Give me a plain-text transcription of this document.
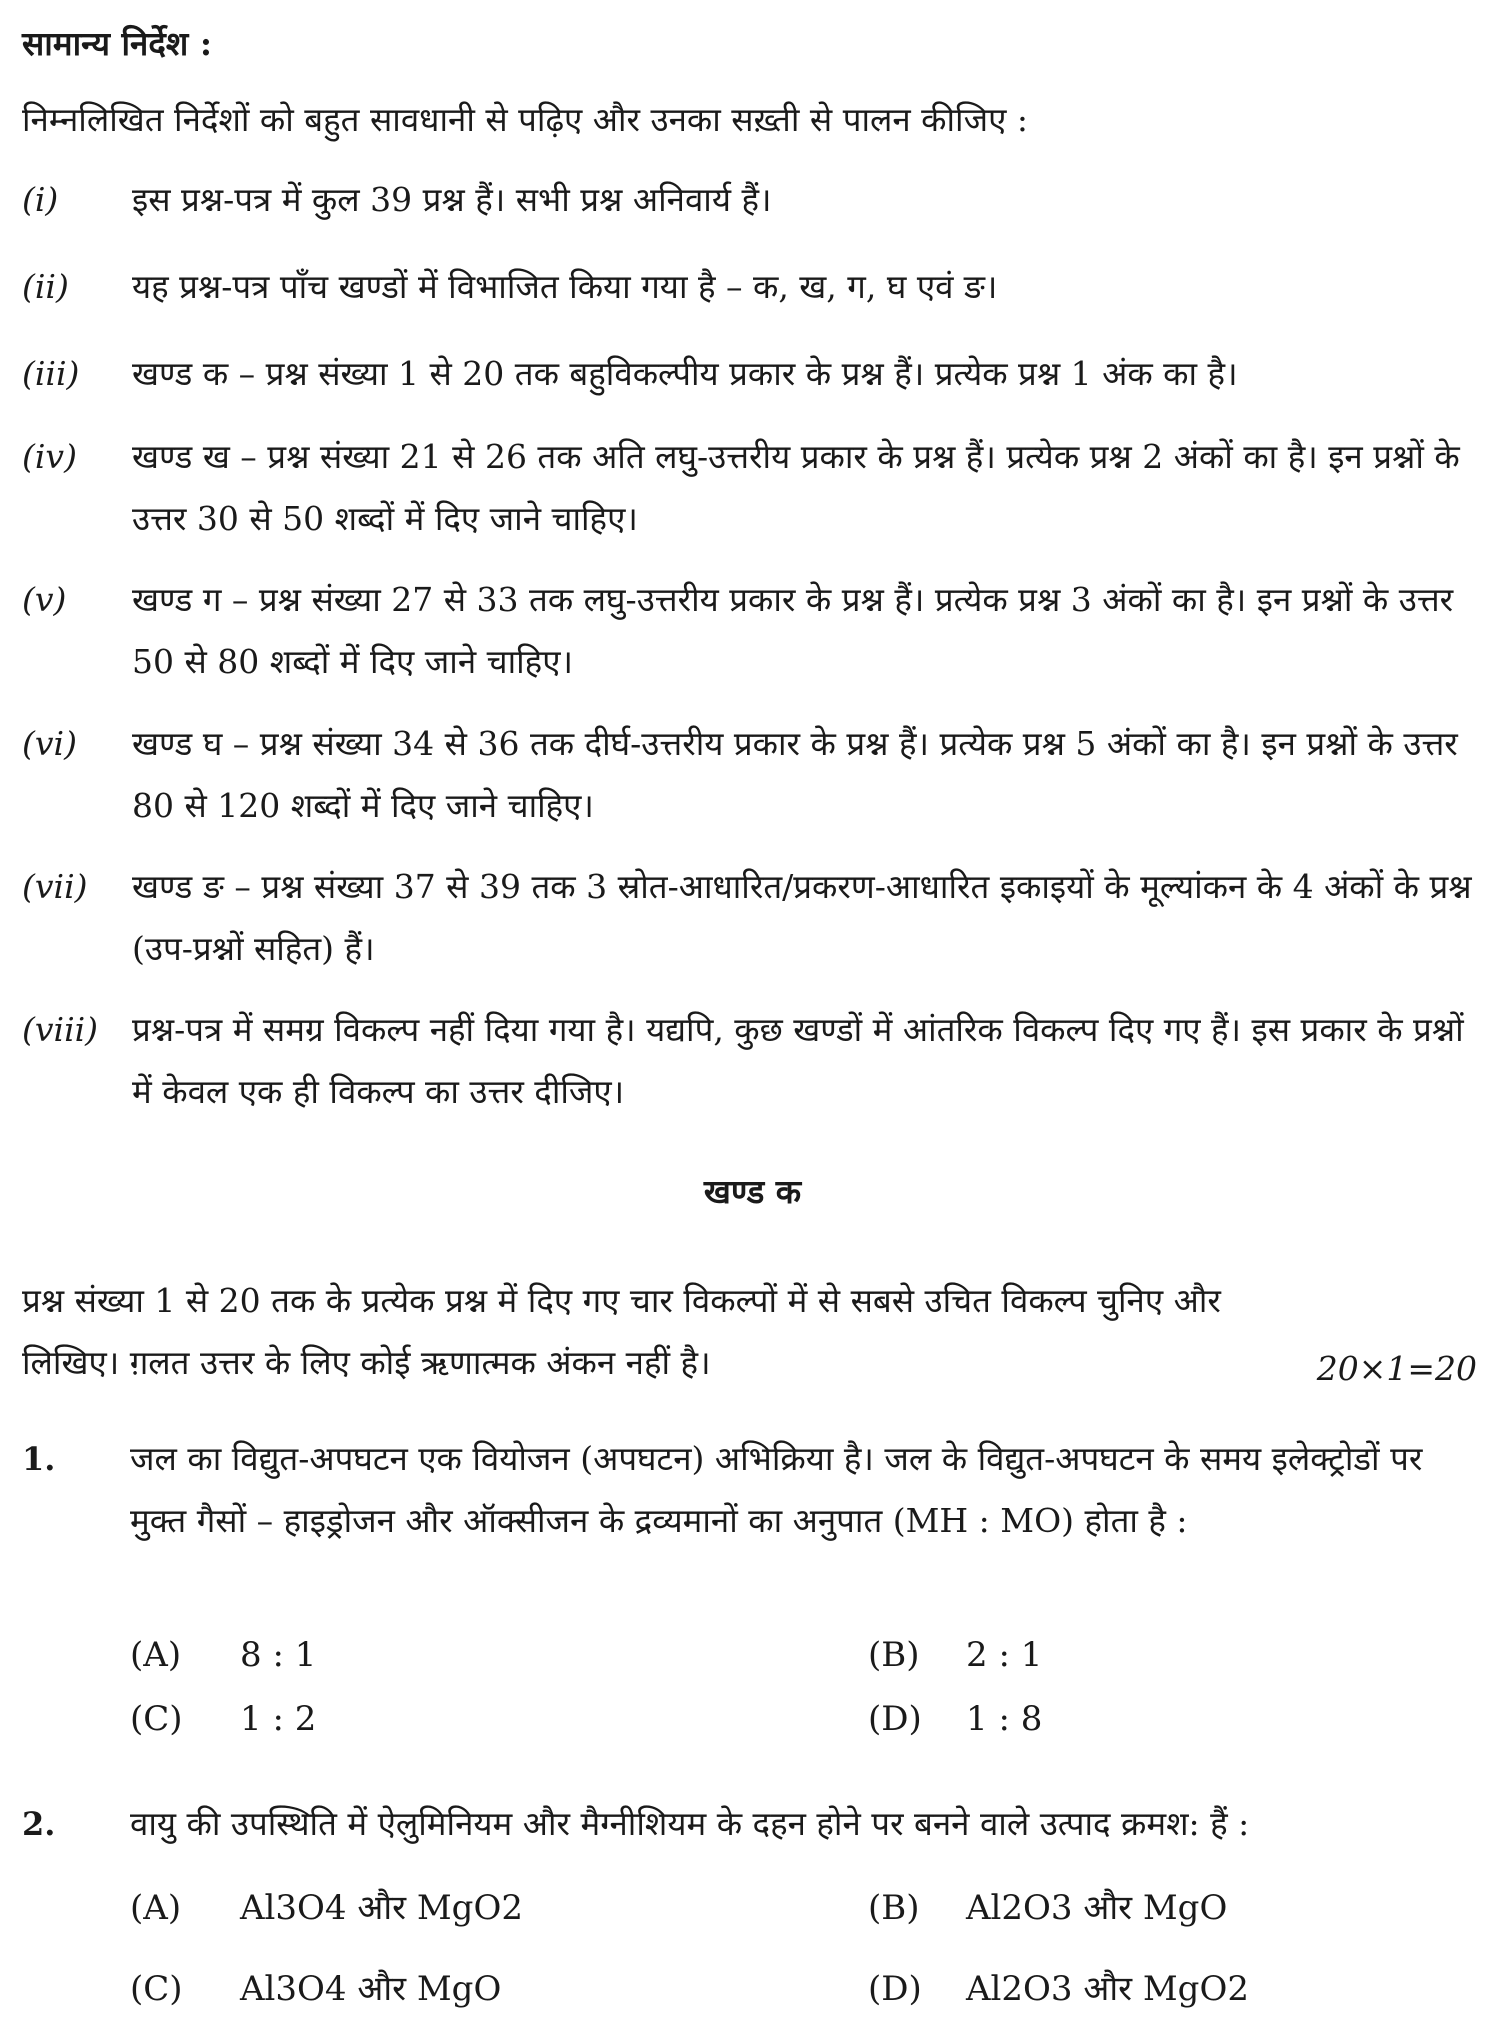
सामान्य निर्देश :
निम्नलिखित निर्देशों को बहुत सावधानी से पढ़िए और उनका सख़्ती से पालन कीजिए :
(i) इस प्रश्न-पत्र में कुल 39 प्रश्न हैं। सभी प्रश्न अनिवार्य हैं।
(ii) यह प्रश्न-पत्र पाँच खण्डों में विभाजित किया गया है – क, ख, ग, घ एवं ङ।
(iii) खण्ड क – प्रश्न संख्या 1 से 20 तक बहुविकल्पीय प्रकार के प्रश्न हैं। प्रत्येक प्रश्न 1 अंक का है।
(iv) खण्ड ख – प्रश्न संख्या 21 से 26 तक अति लघु-उत्तरीय प्रकार के प्रश्न हैं। प्रत्येक प्रश्न 2 अंकों का है। इन प्रश्नों के उत्तर 30 से 50 शब्दों में दिए जाने चाहिए।
(v) खण्ड ग – प्रश्न संख्या 27 से 33 तक लघु-उत्तरीय प्रकार के प्रश्न हैं। प्रत्येक प्रश्न 3 अंकों का है। इन प्रश्नों के उत्तर 50 से 80 शब्दों में दिए जाने चाहिए।
(vi) खण्ड घ – प्रश्न संख्या 34 से 36 तक दीर्घ-उत्तरीय प्रकार के प्रश्न हैं। प्रत्येक प्रश्न 5 अंकों का है। इन प्रश्नों के उत्तर 80 से 120 शब्दों में दिए जाने चाहिए।
(vii) खण्ड ङ – प्रश्न संख्या 37 से 39 तक 3 स्रोत-आधारित/प्रकरण-आधारित इकाइयों के मूल्यांकन के 4 अंकों के प्रश्न (उप-प्रश्नों सहित) हैं।
(viii) प्रश्न-पत्र में समग्र विकल्प नहीं दिया गया है। यद्यपि, कुछ खण्डों में आंतरिक विकल्प दिए गए हैं। इस प्रकार के प्रश्नों में केवल एक ही विकल्प का उत्तर दीजिए।
खण्ड क
प्रश्न संख्या 1 से 20 तक के प्रत्येक प्रश्न में दिए गए चार विकल्पों में से सबसे उचित विकल्प चुनिए और लिखिए। ग़लत उत्तर के लिए कोई ऋणात्मक अंकन नहीं है।	20×1=20
1. जल का विद्युत-अपघटन एक वियोजन (अपघटन) अभिक्रिया है। जल के विद्युत-अपघटन के समय इलेक्ट्रोडों पर मुक्त गैसों – हाइड्रोजन और ऑक्सीजन के द्रव्यमानों का अनुपात (MH : MO) होता है :
(A) 8 : 1	(B) 2 : 1
(C) 1 : 2	(D) 1 : 8
2. वायु की उपस्थिति में ऐलुमिनियम और मैग्नीशियम के दहन होने पर बनने वाले उत्पाद क्रमश: हैं :
(A) Al3O4 और MgO2	(B) Al2O3 और MgO
(C) Al3O4 और MgO	(D) Al2O3 और MgO2
